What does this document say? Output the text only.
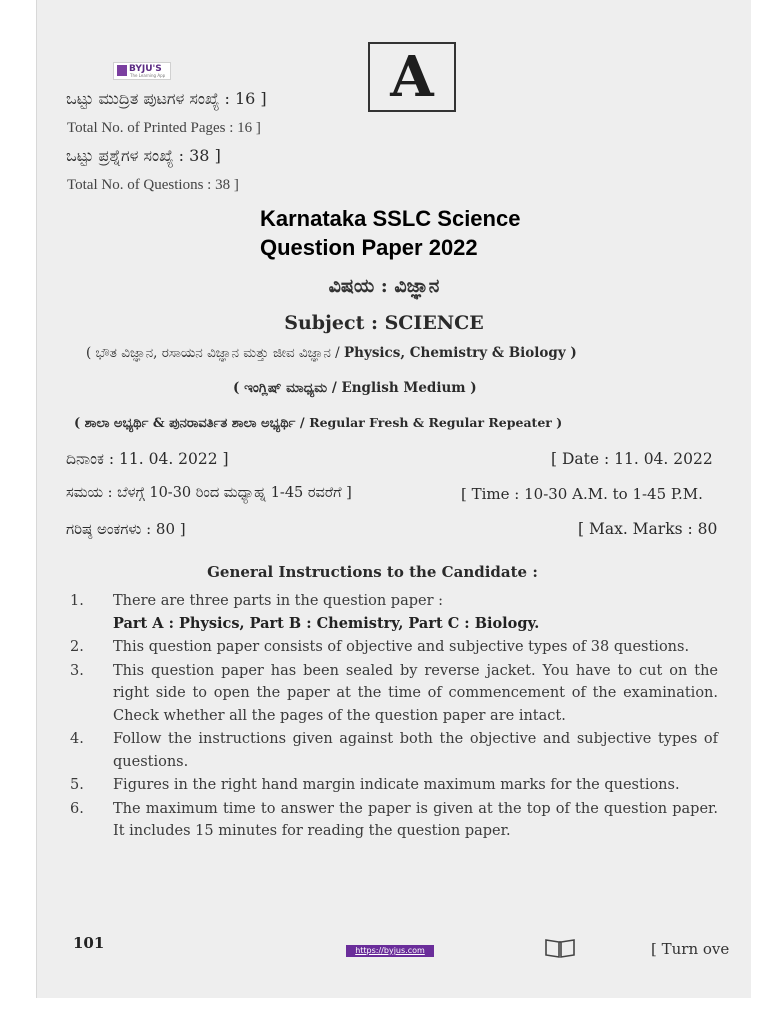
BYJU'S
The Learning App	A
ಒಟ್ಟು ಮುದ್ರಿತ ಪುಟಗಳ ಸಂಖ್ಯೆ : 16 ]
Total No. of Printed Pages : 16 ]
ಒಟ್ಟು ಪ್ರಶ್ನೆಗಳ ಸಂಖ್ಯೆ : 38 ]
Total No. of Questions : 38 ]
Karnataka SSLC Science
Question Paper 2022
ವಿಷಯ : ವಿಜ್ಞಾನ
Subject : SCIENCE
( ಭೌತ ವಿಜ್ಞಾನ, ರಸಾಯನ ವಿಜ್ಞಾನ ಮತ್ತು ಜೀವ ವಿಜ್ಞಾನ / Physics, Chemistry & Biology )
( ಇಂಗ್ಲಿಷ್ ಮಾಧ್ಯಮ / English Medium )
( ಶಾಲಾ ಅಭ್ಯರ್ಥಿ & ಪುನರಾವರ್ತಿತ ಶಾಲಾ ಅಭ್ಯರ್ಥಿ / Regular Fresh & Regular Repeater )
ದಿನಾಂಕ : 11. 04. 2022 ]	[ Date : 11. 04. 2022
ಸಮಯ : ಬೆಳಗ್ಗೆ 10-30 ರಿಂದ ಮಧ್ಯಾಹ್ನ 1-45 ರವರೆಗೆ ]	[ Time : 10-30 A.M. to 1-45 P.M.
ಗರಿಷ್ಠ ಅಂಕಗಳು : 80 ]	[ Max. Marks : 80
General Instructions to the Candidate :
1. There are three parts in the question paper :
Part A : Physics, Part B : Chemistry, Part C : Biology.
2. This question paper consists of objective and subjective types of 38 questions.
3. This question paper has been sealed by reverse jacket. You have to cut on the right side to open the paper at the time of commencement of the examination. Check whether all the pages of the question paper are intact.
4. Follow the instructions given against both the objective and subjective types of questions.
5. Figures in the right hand margin indicate maximum marks for the questions.
6. The maximum time to answer the paper is given at the top of the question paper. It includes 15 minutes for reading the question paper.
101	https://byjus.com	[ Turn ove
